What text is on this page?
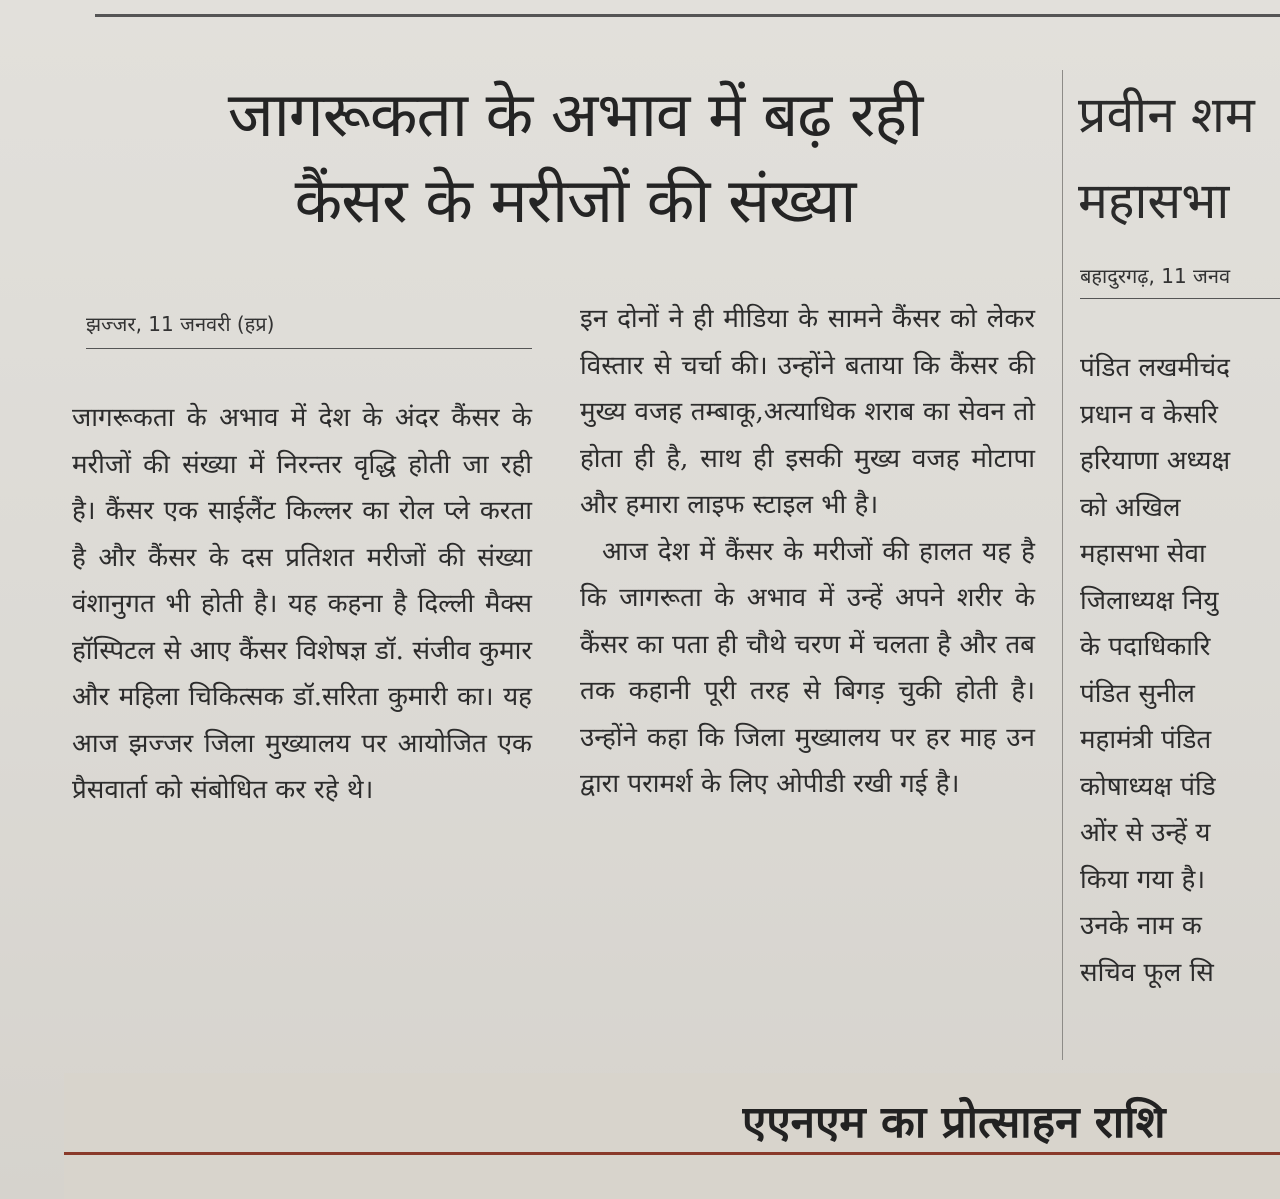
जागरूकता के अभाव में बढ़ रही
कैंसर के मरीजों की संख्या
प्रवीन शम
महासभा
झज्जर, 11 जनवरी (हप्र)
बहादुरगढ़, 11 जनव

जागरूकता के अभाव में देश के अंदर कैंसर के मरीजों की संख्या में निरन्तर वृद्धि होती जा रही है। कैंसर एक साईलैंट किल्लर का रोल प्ले करता है और कैंसर के दस प्रतिशत मरीजों की संख्या वंशानुगत भी होती है। यह कहना है दिल्ली मैक्स हॉस्पिटल से आए कैंसर विशेषज्ञ डॉ. संजीव कुमार और महिला चिकित्सक डॉ.सरिता कुमारी का। यह आज झज्जर जिला मुख्यालय पर आयोजित एक प्रैसवार्ता को संबोधित कर रहे थे।

इन दोनों ने ही मीडिया के सामने कैंसर को लेकर विस्तार से चर्चा की। उन्होंने बताया कि कैंसर की मुख्य वजह तम्बाकू,अत्याधिक शराब का सेवन तो होता ही है, साथ ही इसकी मुख्य वजह मोटापा और हमारा लाइफ स्टाइल भी है।

आज देश में कैंसर के मरीजों की हालत यह है कि जागरूता के अभाव में उन्हें अपने शरीर के कैंसर का पता ही चौथे चरण में चलता है और तब तक कहानी पूरी तरह से बिगड़ चुकी होती है। उन्होंने कहा कि जिला मुख्यालय पर हर माह उन द्वारा परामर्श के लिए ओपीडी रखी गई है।

पंडित लखमीचंद
प्रधान व केसरि
हरियाणा अध्यक्ष
को अखिल
महासभा सेवा
जिलाध्यक्ष नियु
के पदाधिकारि
पंडित सुनील
महामंत्री पंडित
कोषाध्यक्ष पंडि
ओंर से उन्हें य
किया गया है।
उनके नाम क
सचिव फूल सि
एएनएम का प्रोत्साहन राशि
